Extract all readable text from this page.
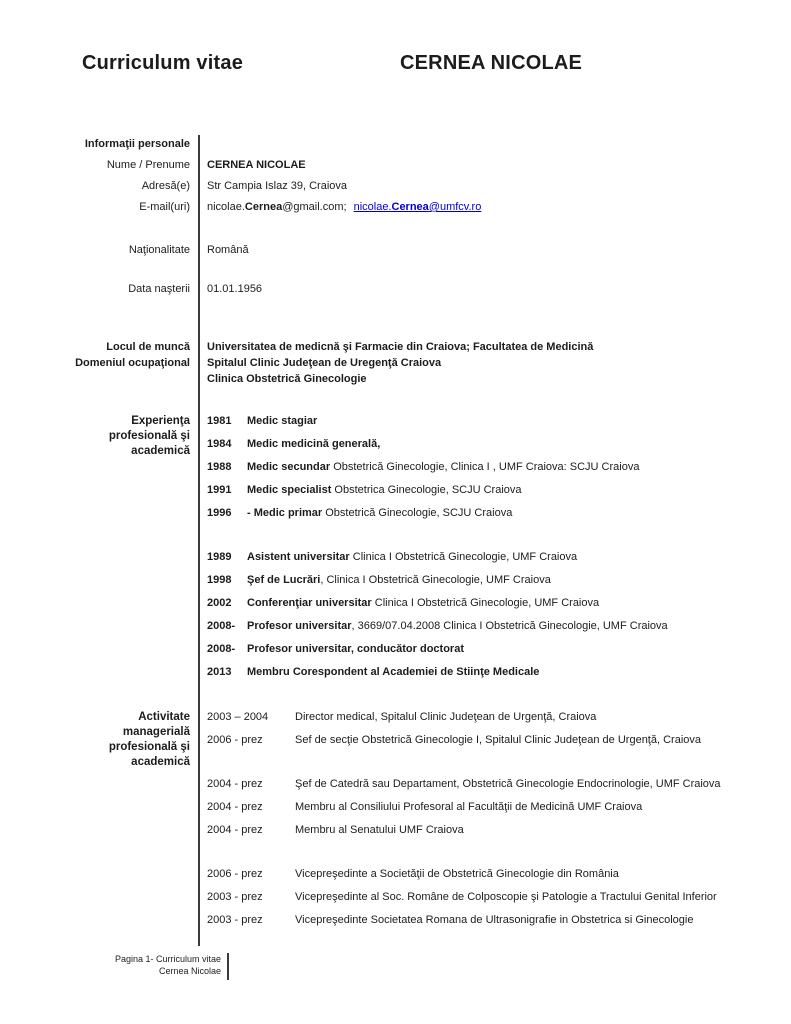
Curriculum vitae	CERNEA NICOLAE
Informaţii personale
Nume / Prenume	CERNEA NICOLAE
Adresă(e)	Str Campia Islaz 39, Craiova
E-mail(uri)	nicolae.Cernea@gmail.com; nicolae.Cernea@umfcv.ro
Naţionalitate	Română
Data naşterii	01.01.1956
Locul de muncă
Domeniul ocupaţional
Universitatea de medicnă şi Farmacie din Craiova; Facultatea de Medicină
Spitalul Clinic Judeţean de Uregenţă Craiova
Clinica Obstetrică Ginecologie
Experienţa
profesională şi
academică
1981	Medic stagiar
1984	Medic medicină generală,
1988	Medic secundar Obstetrică Ginecologie, Clinica I , UMF Craiova: SCJU Craiova
1991	Medic specialist Obstetrica Ginecologie, SCJU Craiova
1996	- Medic primar Obstetrică Ginecologie, SCJU Craiova
1989	Asistent universitar Clinica I Obstetrică Ginecologie, UMF Craiova
1998	Şef de Lucrări, Clinica I Obstetrică Ginecologie, UMF Craiova
2002	Conferenţiar universitar Clinica I Obstetrică Ginecologie, UMF Craiova
2008-	Profesor universitar, 3669/07.04.2008 Clinica I Obstetrică Ginecologie, UMF Craiova
2008-	Profesor universitar, conducător doctorat
2013	Membru Corespondent al Academiei de Stiinţe Medicale
Activitate
managerială
profesională şi
academică
2003 – 2004	Director medical, Spitalul Clinic Judeţean de Urgenţă, Craiova
2006 - prez	Sef de secţie Obstetrică Ginecologie I, Spitalul Clinic Judeţean de Urgenţă, Craiova
2004 - prez	Şef de Catedră sau Departament, Obstetrică Ginecologie Endocrinologie, UMF Craiova
2004 - prez	Membru al Consiliului Profesoral al Facultăţii de Medicină UMF Craiova
2004 - prez	Membru al Senatului UMF Craiova
2006 - prez	Vicepreşedinte a Societăţii de Obstetrică Ginecologie din România
2003 - prez	Vicepreşedinte al Soc. Române de Colposcopie şi Patologie a Tractului Genital Inferior
2003 - prez	Vicepreşedinte Societatea Romana de Ultrasonigrafie in Obstetrica si Ginecologie
Pagina 1- Curriculum vitae
Cernea Nicolae
